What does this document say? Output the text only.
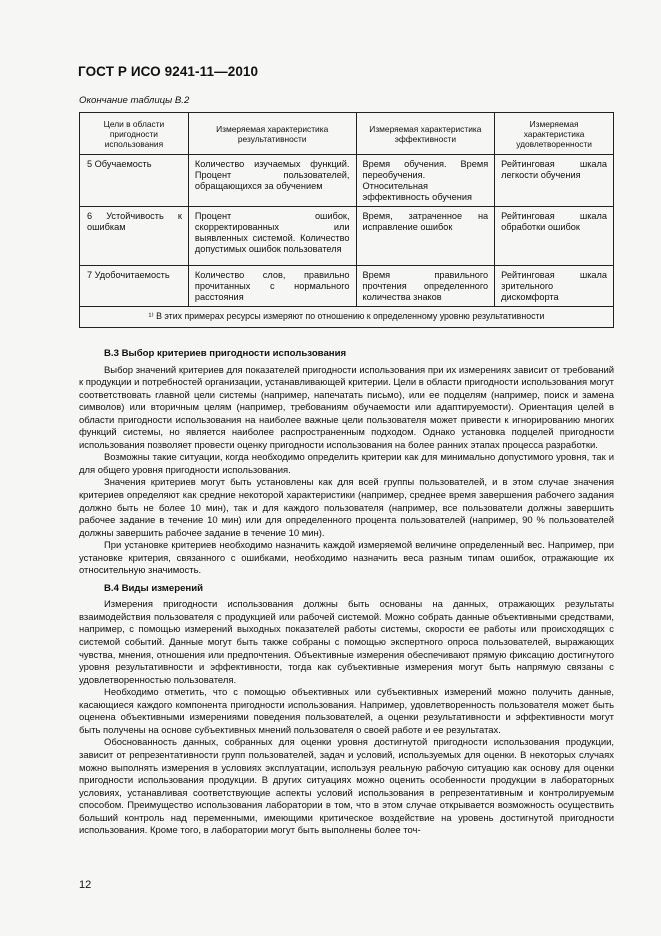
ГОСТ Р ИСО 9241-11—2010
Окончание таблицы В.2
Цели в области пригодности использования	Измеряемая характеристика результативности	Измеряемая характеристика эффективности	Измеряемая характеристика удовлетворенности
5 Обучаемость	Количество изучаемых функций. Процент пользователей, обращающихся за обучением	Время обучения. Время переобучения. Относительная эффективность обучения	Рейтинговая шкала легкости обучения
6 Устойчивость к ошибкам	Процент ошибок, скорректированных или выявленных системой. Количество допустимых ошибок пользователя	Время, затраченное на исправление ошибок	Рейтинговая шкала обработки ошибок
7 Удобочитаемость	Количество слов, правильно прочитанных с нормального расстояния	Время правильного прочтения определенного количества знаков	Рейтинговая шкала зрительного дискомфорта
¹⁾ В этих примерах ресурсы измеряют по отношению к определенному уровню результативности			
В.3 Выбор критериев пригодности использования

Выбор значений критериев для показателей пригодности использования при их измерениях зависит от требований к продукции и потребностей организации, устанавливающей критерии. Цели в области пригодности использования могут соответствовать главной цели системы (например, напечатать письмо), или ее подцелям (например, поиск и замена символов) или вторичным целям (например, требованиям обучаемости или адаптируемости). Ориентация целей в области пригодности использования на наиболее важные цели пользователя может привести к игнорированию многих функций системы, но является наиболее распространенным подходом. Однако установка подцелей пригодности использования позволяет провести оценку пригодности использования на более ранних этапах процесса разработки.

Возможны такие ситуации, когда необходимо определить критерии как для минимально допустимого уровня, так и для общего уровня пригодности использования.

Значения критериев могут быть установлены как для всей группы пользователей, и в этом случае значения критериев определяют как средние некоторой характеристики (например, среднее время завершения рабочего задания должно быть не более 10 мин), так и для каждого пользователя (например, все пользователи должны завершить рабочее задание в течение 10 мин) или для определенного процента пользователей (например, 90 % пользователей должны завершить рабочее задание в течение 10 мин).

При установке критериев необходимо назначить каждой измеряемой величине определенный вес. Например, при установке критерия, связанного с ошибками, необходимо назначить веса разным типам ошибок, отражающие их относительную значимость.

В.4 Виды измерений

Измерения пригодности использования должны быть основаны на данных, отражающих результаты взаимодействия пользователя с продукцией или рабочей системой. Можно собрать данные объективными средствами, например, с помощью измерений выходных показателей работы системы, скорости ее работы или происходящих с системой событий. Данные могут быть также собраны с помощью экспертного опроса пользователей, выражающих чувства, мнения, отношения или предпочтения. Объективные измерения обеспечивают прямую фиксацию достигнутого уровня результативности и эффективности, тогда как субъективные измерения могут быть напрямую связаны с удовлетворенностью пользователя.

Необходимо отметить, что с помощью объективных или субъективных измерений можно получить данные, касающиеся каждого компонента пригодности использования. Например, удовлетворенность пользователя может быть оценена объективными измерениями поведения пользователей, а оценки результативности и эффективности могут быть получены на основе субъективных мнений пользователя о своей работе и ее результатах.

Обоснованность данных, собранных для оценки уровня достигнутой пригодности использования продукции, зависит от репрезентативности групп пользователей, задач и условий, используемых для оценки. В некоторых случаях можно выполнять измерения в условиях эксплуатации, используя реальную рабочую ситуацию как основу для оценки пригодности использования продукции. В других ситуациях можно оценить особенности продукции в лабораторных условиях, устанавливая соответствующие аспекты условий использования в репрезентативным и контролируемым способом. Преимущество использования лаборатории в том, что в этом случае открывается возможность осуществить больший контроль над переменными, имеющими критическое воздействие на уровень достигнутой пригодности использования. Кроме того, в лаборатории могут быть выполнены более точ-

12
